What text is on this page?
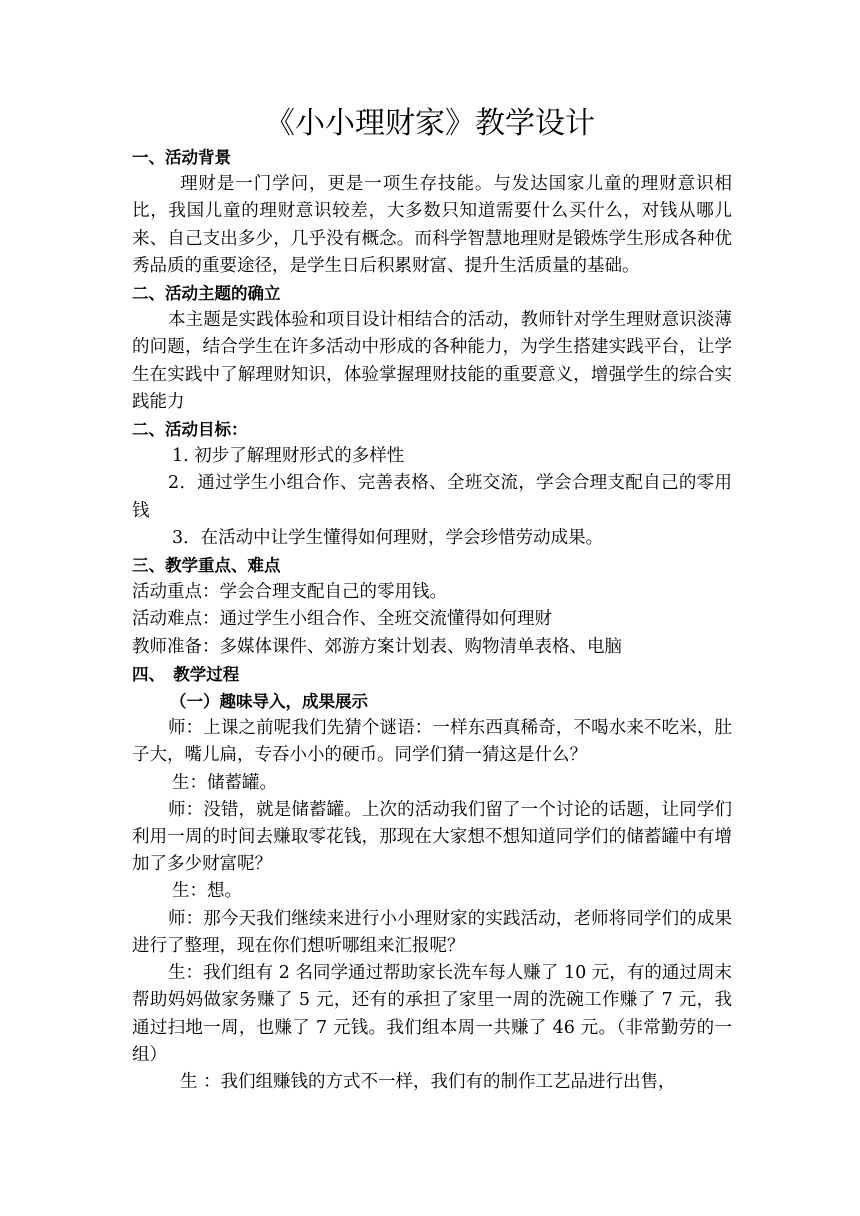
《小小理财家》教学设计

一、活动背景

理财是一门学问，更是一项生存技能。与发达国家儿童的理财意识相比，我国儿童的理财意识较差，大多数只知道需要什么买什么，对钱从哪儿来、自己支出多少，几乎没有概念。而科学智慧地理财是锻炼学生形成各种优秀品质的重要途径，是学生日后积累财富、提升生活质量的基础。

二、活动主题的确立

本主题是实践体验和项目设计相结合的活动，教师针对学生理财意识淡薄的问题，结合学生在许多活动中形成的各种能力，为学生搭建实践平台，让学生在实践中了解理财知识，体验掌握理财技能的重要意义，增强学生的综合实践能力

二、活动目标：

1. 初步了解理财形式的多样性

2．通过学生小组合作、完善表格、全班交流，学会合理支配自己的零用钱

3．在活动中让学生懂得如何理财，学会珍惜劳动成果。

三、教学重点、难点

活动重点：学会合理支配自己的零用钱。

活动难点：通过学生小组合作、全班交流懂得如何理财

教师准备：多媒体课件、郊游方案计划表、购物清单表格、电脑

四、　教学过程

（一）趣味导入，成果展示

师：上课之前呢我们先猜个谜语：一样东西真稀奇，不喝水来不吃米，肚子大，嘴儿扁，专吞小小的硬币。同学们猜一猜这是什么？

生：储蓄罐。

师：没错，就是储蓄罐。上次的活动我们留了一个讨论的话题，让同学们利用一周的时间去赚取零花钱，那现在大家想不想知道同学们的储蓄罐中有增加了多少财富呢？

生：想。

师：那今天我们继续来进行小小理财家的实践活动，老师将同学们的成果进行了整理，现在你们想听哪组来汇报呢？

生：我们组有 2 名同学通过帮助家长洗车每人赚了 10 元，有的通过周末帮助妈妈做家务赚了 5 元，还有的承担了家里一周的洗碗工作赚了 7 元，我通过扫地一周，也赚了 7 元钱。我们组本周一共赚了 46 元。（非常勤劳的一组）

生 ：我们组赚钱的方式不一样，我们有的制作工艺品进行出售，
